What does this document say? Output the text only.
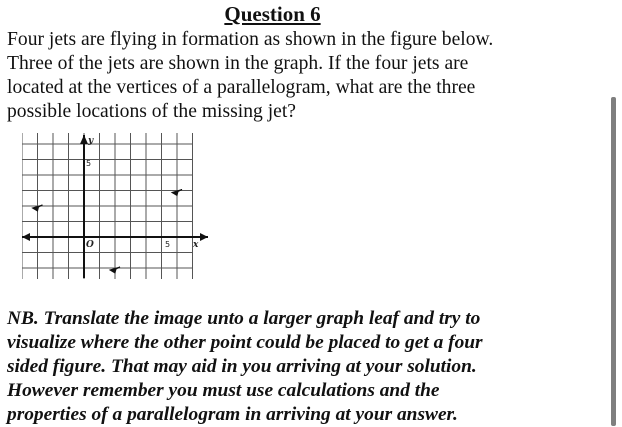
Question 6

Four jets are flying in formation as shown in the figure below.
Three of the jets are shown in the graph. If the four jets are
located at the vertices of a parallelogram, what are the three
possible locations of the missing jet?

y
5
O	5	x

NB. Translate the image unto a larger graph leaf and try to
visualize where the other point could be placed to get a four
sided figure. That may aid in you arriving at your solution.
However remember you must use calculations and the
properties of a parallelogram in arriving at your answer.
